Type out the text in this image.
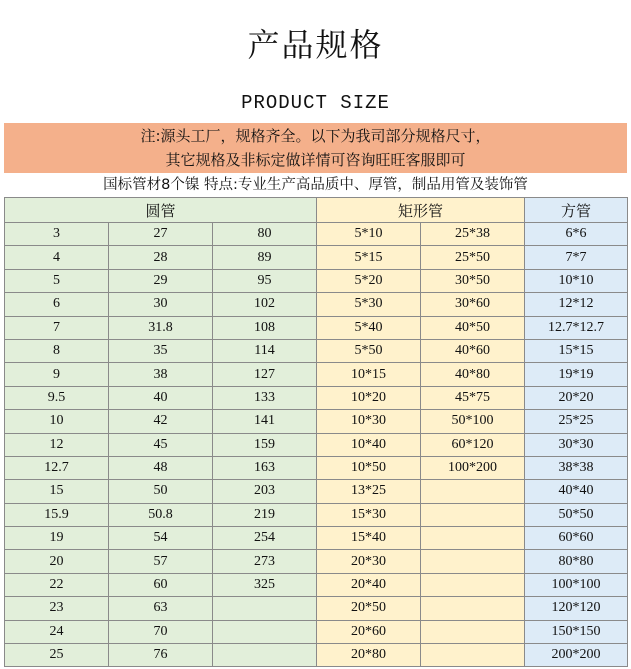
产品规格
PRODUCT SIZE
注:源头工厂，规格齐全。以下为我司部分规格尺寸，
其它规格及非标定做详情可咨询旺旺客服即可
国标管材8个镍 特点:专业生产高品质中、厚管，制品用管及装饰管
圆管			矩形管		方管
3	27	80	5*10	25*38	6*6
4	28	89	5*15	25*50	7*7
5	29	95	5*20	30*50	10*10
6	30	102	5*30	30*60	12*12
7	31.8	108	5*40	40*50	12.7*12.7
8	35	114	5*50	40*60	15*15
9	38	127	10*15	40*80	19*19
9.5	40	133	10*20	45*75	20*20
10	42	141	10*30	50*100	25*25
12	45	159	10*40	60*120	30*30
12.7	48	163	10*50	100*200	38*38
15	50	203	13*25		40*40
15.9	50.8	219	15*30		50*50
19	54	254	15*40		60*60
20	57	273	20*30		80*80
22	60	325	20*40		100*100
23	63		20*50		120*120
24	70		20*60		150*150
25	76		20*80		200*200
